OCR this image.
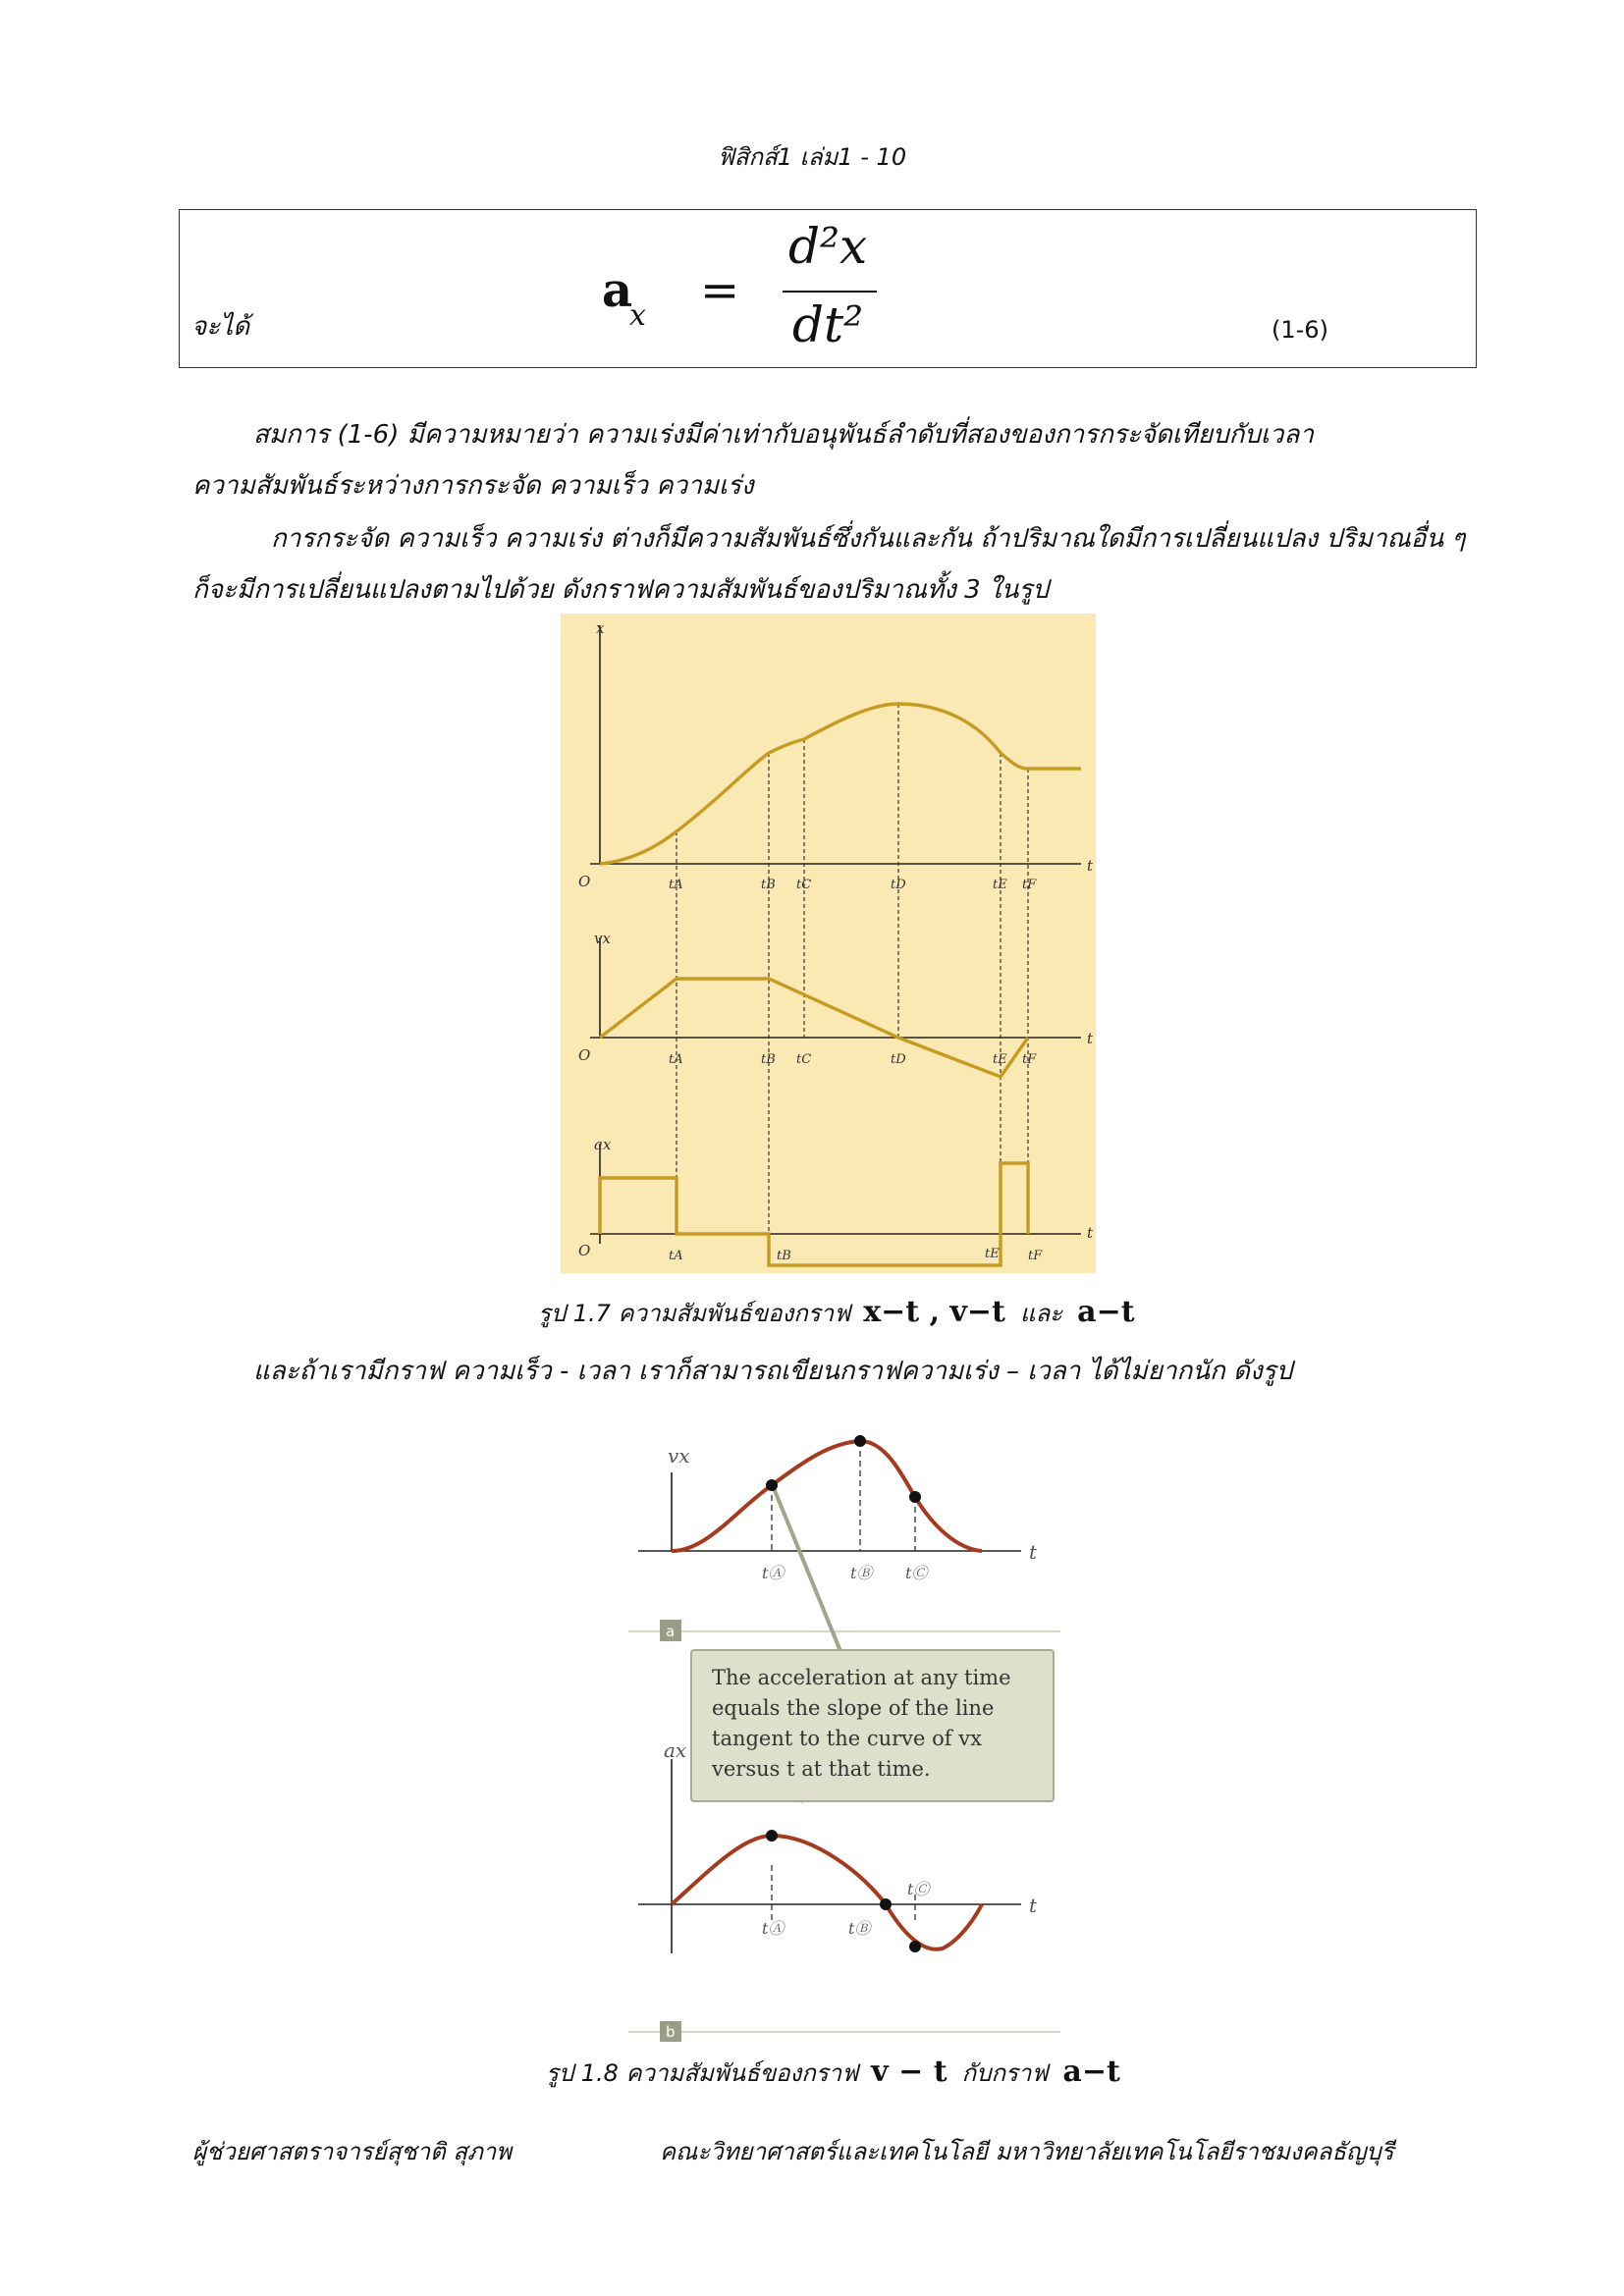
ฟิสิกส์1 เล่ม1 - 10
จะได้
a
x =
d²x
dt²	(1-6)
สมการ (1-6) มีความหมายว่า ความเร่งมีค่าเท่ากับอนุพันธ์ลำดับที่สองของการกระจัดเทียบกับเวลา
ความสัมพันธ์ระหว่างการกระจัด ความเร็ว ความเร่ง
การกระจัด ความเร็ว ความเร่ง ต่างก็มีความสัมพันธ์ซึ่งกันและกัน ถ้าปริมาณใดมีการเปลี่ยนแปลง ปริมาณอื่น ๆ
ก็จะมีการเปลี่ยนแปลงตามไปด้วย ดังกราฟความสัมพันธ์ของปริมาณทั้ง 3 ในรูป
x
t
O	tA	tB tC	tD	tE tF
vx
t
O	tA	tB tC	tD	tE tF
ax
t
O	tA	tB	tE tF
รูป 1.7 ความสัมพันธ์ของกราฟ x−t , v−t และ a−t
และถ้าเรามีกราฟ ความเร็ว - เวลา เราก็สามารถเขียนกราฟความเร่ง – เวลา ได้ไม่ยากนัก ดังรูป
a
b
vx
t
tⒶ	tⒷ tⒸ
ax
t
tⒶ	tⒷ
tⒸ
The acceleration at any time
equals the slope of the line
tangent to the curve of vx
versus t at that time.
รูป 1.8 ความสัมพันธ์ของกราฟ v − t กับกราฟ a−t
ผู้ช่วยศาสตราจารย์สุชาติ สุภาพ	คณะวิทยาศาสตร์และเทคโนโลยี มหาวิทยาลัยเทคโนโลยีราชมงคลธัญบุรี
